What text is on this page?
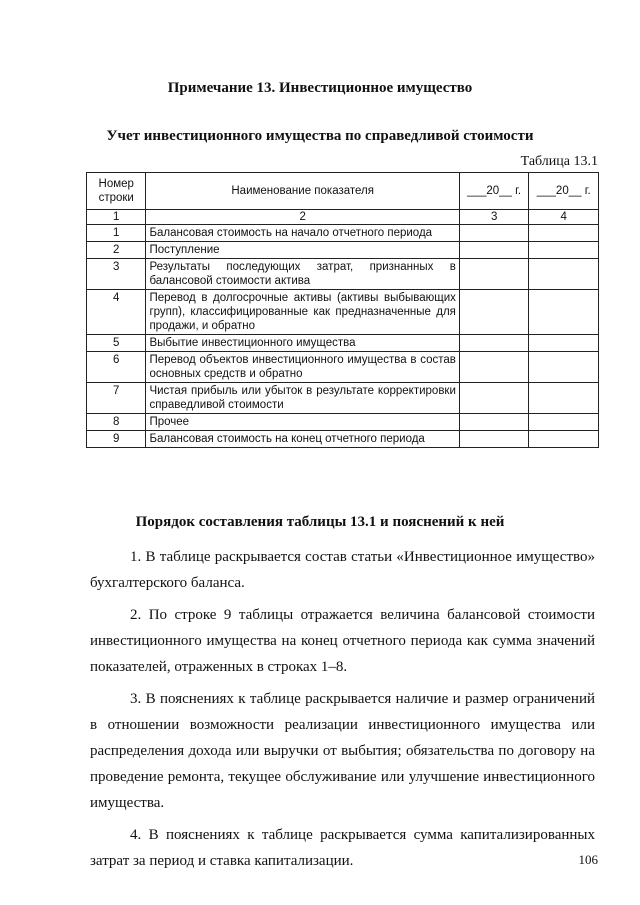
Примечание 13. Инвестиционное имущество
Учет инвестиционного имущества по справедливой стоимости
Таблица 13.1
Номер строки	Наименование показателя	___20__ г.	___20__ г.
1	2	3	4
1	Балансовая стоимость на начало отчетного периода		
2	Поступление		
3	Результаты последующих затрат, признанных в балансовой стоимости актива		
4	Перевод в долгосрочные активы (активы выбывающих групп), классифицированные как предназначенные для продажи, и обратно		
5	Выбытие инвестиционного имущества		
6	Перевод объектов инвестиционного имущества в состав основных средств и обратно		
7	Чистая прибыль или убыток в результате корректировки справедливой стоимости		
8	Прочее		
9	Балансовая стоимость на конец отчетного периода		
Порядок составления таблицы 13.1 и пояснений к ней

1. В таблице раскрывается состав статьи «Инвестиционное имущество» бухгалтерского баланса.

2. По строке 9 таблицы отражается величина балансовой стоимости инвестиционного имущества на конец отчетного периода как сумма значений показателей, отраженных в строках 1–8.

3. В пояснениях к таблице раскрывается наличие и размер ограничений в отношении возможности реализации инвестиционного имущества или распределения дохода или выручки от выбытия; обязательства по договору на проведение ремонта, текущее обслуживание или улучшение инвестиционного имущества.

4. В пояснениях к таблице раскрывается сумма капитализированных затрат за период и ставка капитализации.	106
